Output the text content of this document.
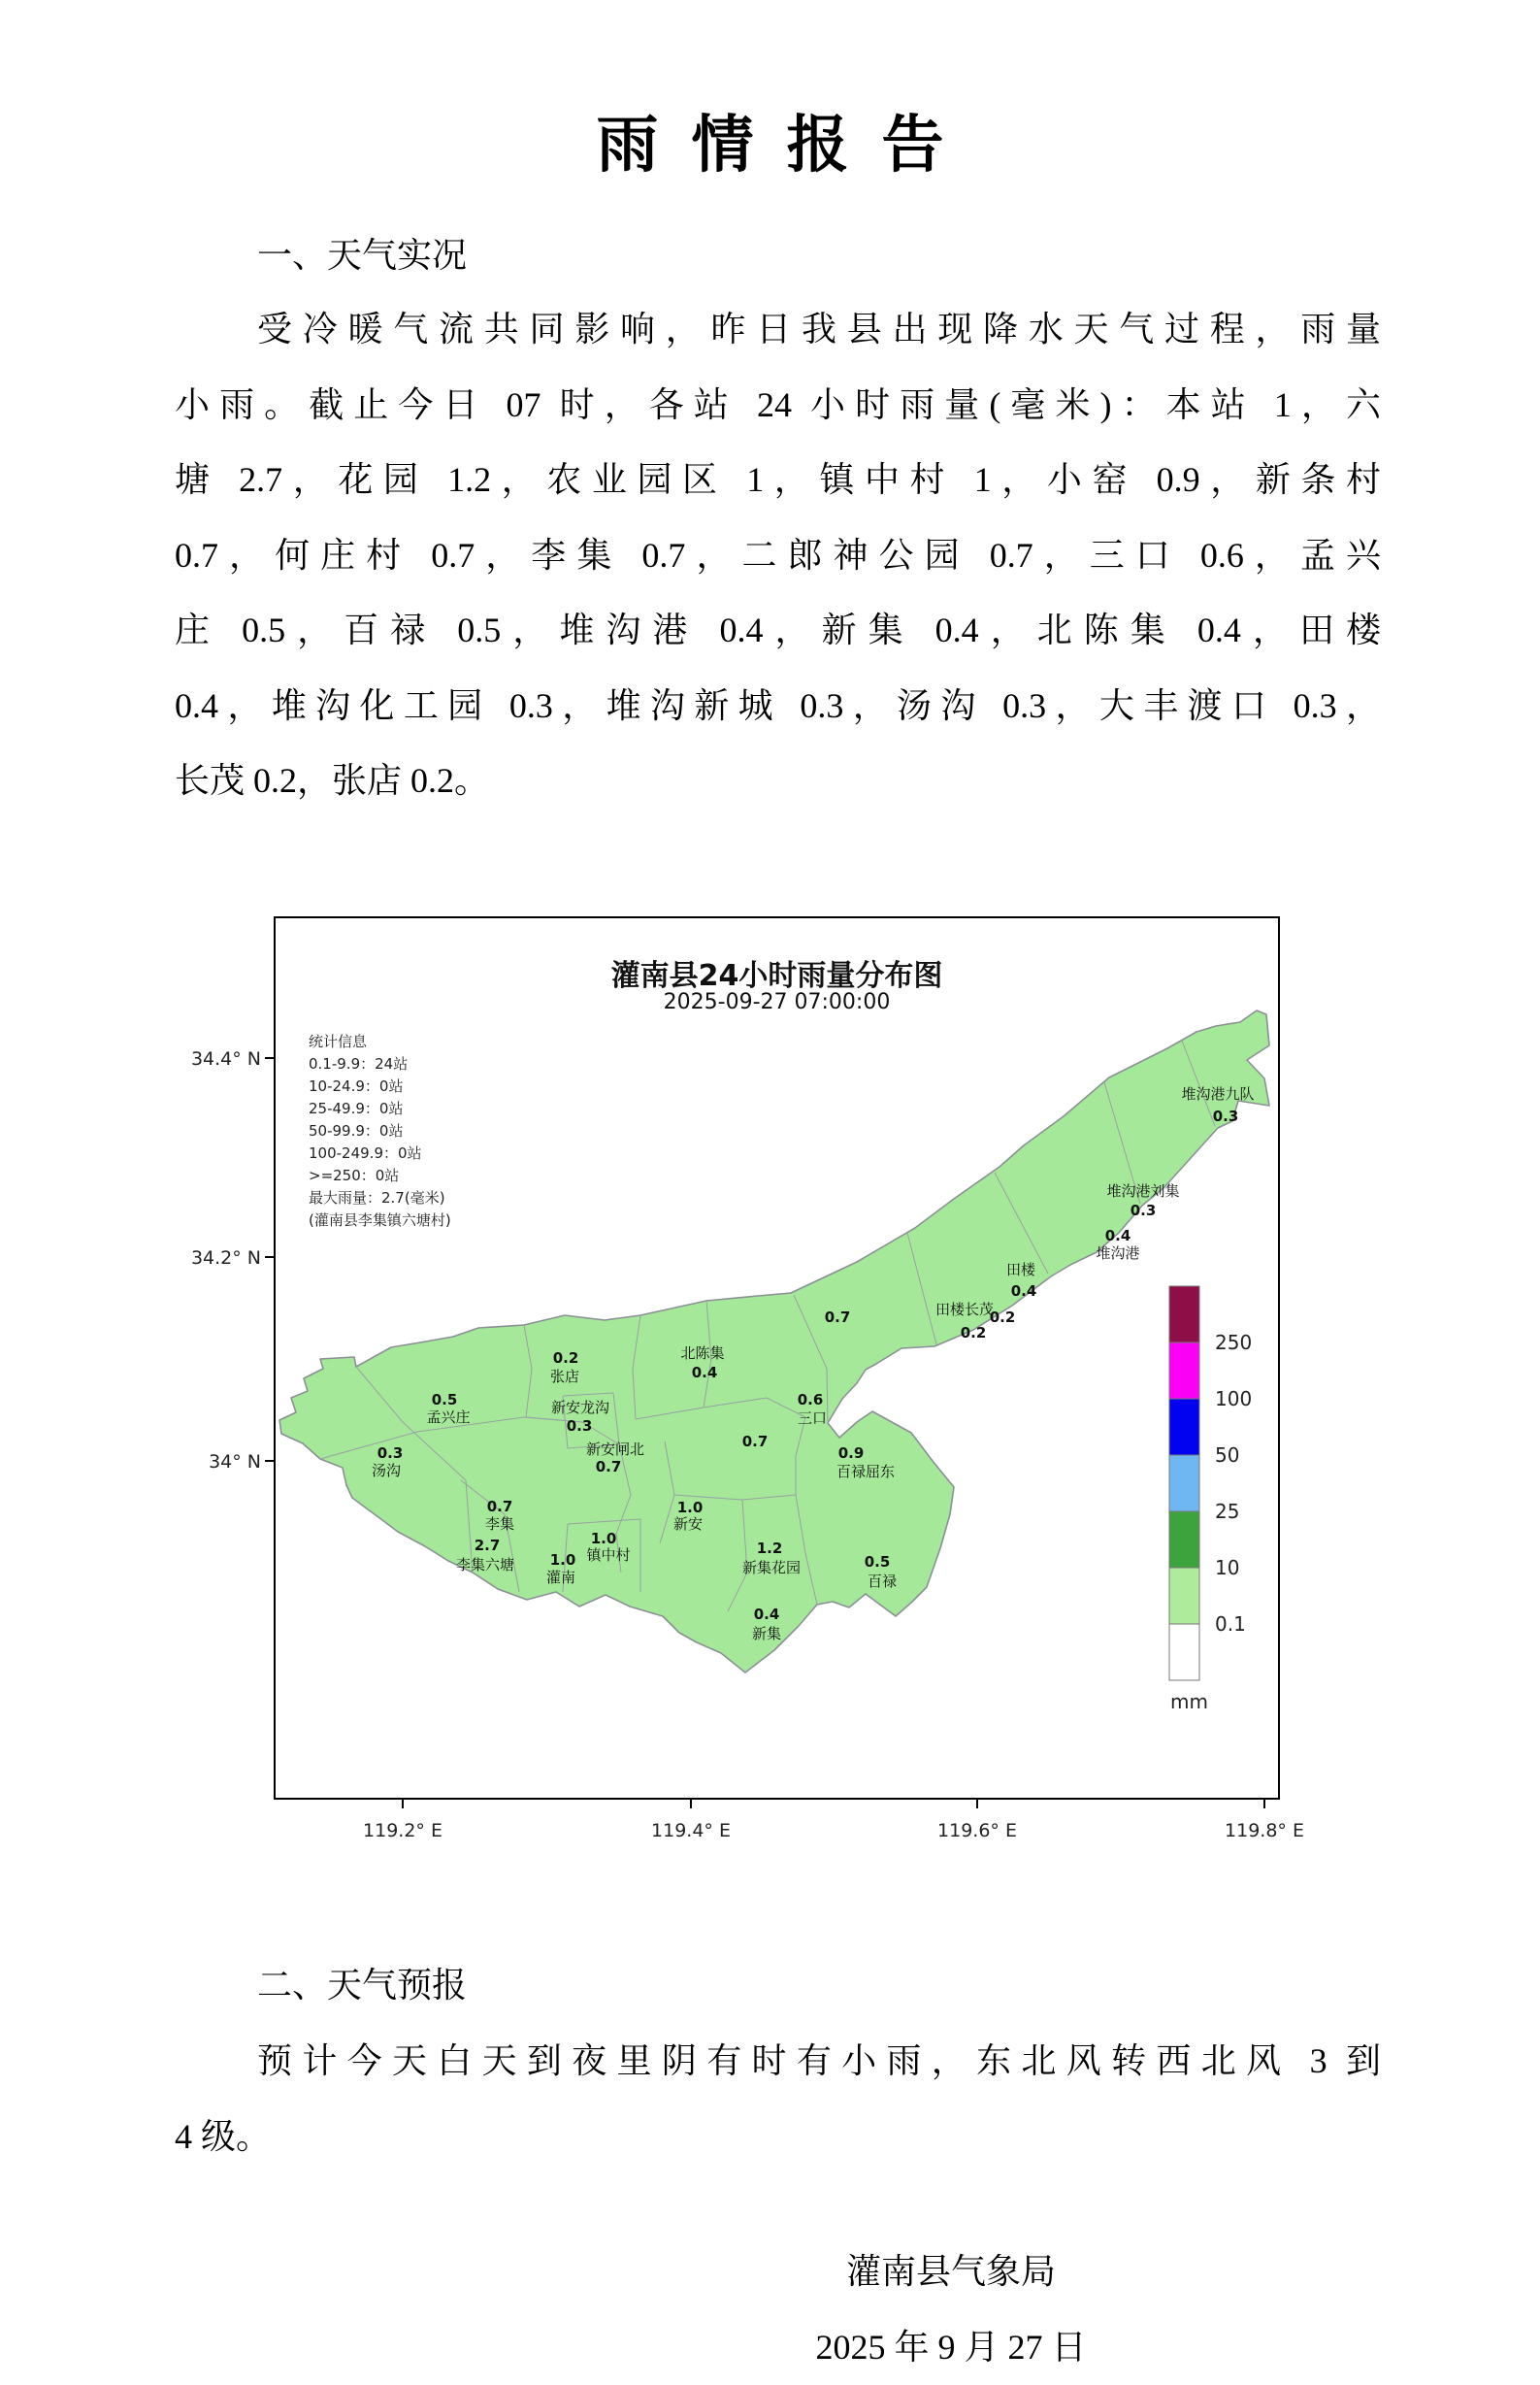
雨情报告
一、天气实况
受冷暖气流共同影响，昨日我县出现降水天气过程，雨量
小雨。截止今日 07 时，各站 24 小时雨量(毫米)：本站 1，六
塘 2.7，花园 1.2，农业园区 1，镇中村 1，小窑 0.9，新条村
0.7，何庄村 0.7，李集 0.7，二郎神公园 0.7，三口 0.6，孟兴
庄 0.5，百禄 0.5，堆沟港 0.4，新集 0.4，北陈集 0.4，田楼
0.4，堆沟化工园 0.3，堆沟新城 0.3，汤沟 0.3，大丰渡口 0.3，
长茂 0.2，张店 0.2。
119.2° E	119.4° E	119.6° E	119.8° E
34.4° N
34.2° N
34° N
250
100
50
25
10
0.1
mm
0.3
堆沟港九队
0.3
堆沟港刘集
0.4
堆沟港
0.4
田楼
0.2
田楼长茂
0.2
0.7
0.4
北陈集
0.6
三口
0.7
0.9
百禄屈东
0.7
新安闸北
1.0
新安
1.0
镇中村	1.2
新集花园	0.5
百禄
0.2
张店
0.5
孟兴庄
0.3
汤沟
0.3
新安龙沟
0.7
李集
2.7
李集六塘 1.0
灌南
0.4
新集
灌南县24小时雨量分布图
2025-09-27 07:00:00
统计信息
0.1-9.9：24站
10-24.9：0站
25-49.9：0站
50-99.9：0站
100-249.9：0站
>=250：0站
最大雨量：2.7(毫米)
(灌南县李集镇六塘村)
二、天气预报
预计今天白天到夜里阴有时有小雨，东北风转西北风 3 到
4 级。
灌南县气象局
2025 年 9 月 27 日
